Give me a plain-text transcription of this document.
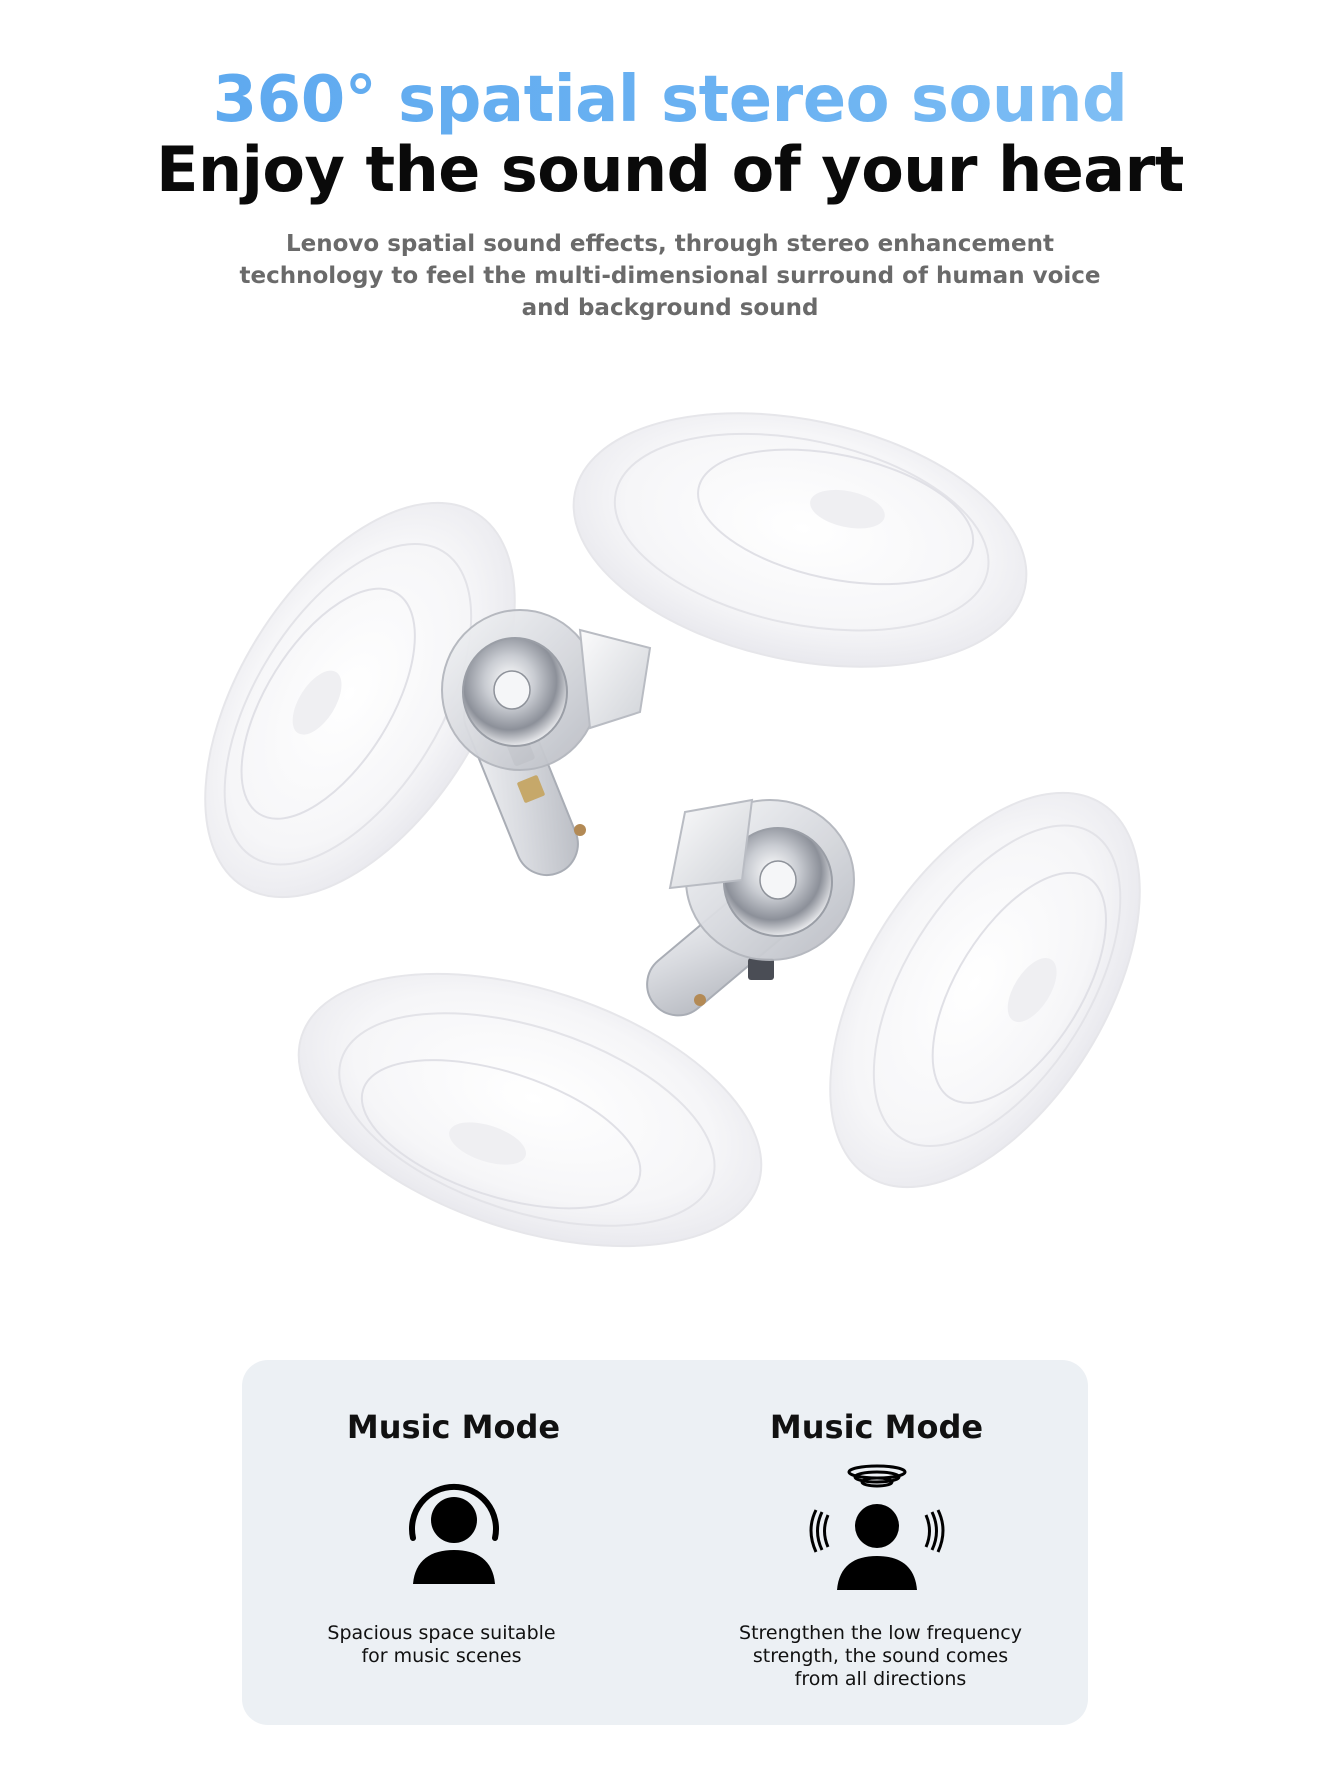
360° spatial stereo sound
Enjoy the sound of your heart
Lenovo spatial sound effects, through stereo enhancement technology to feel the multi-dimensional surround of human voice and background sound
Music Mode
Spacious space suitable for music scenes
Music Mode
Strengthen the low frequency strength, the sound comes from all directions
